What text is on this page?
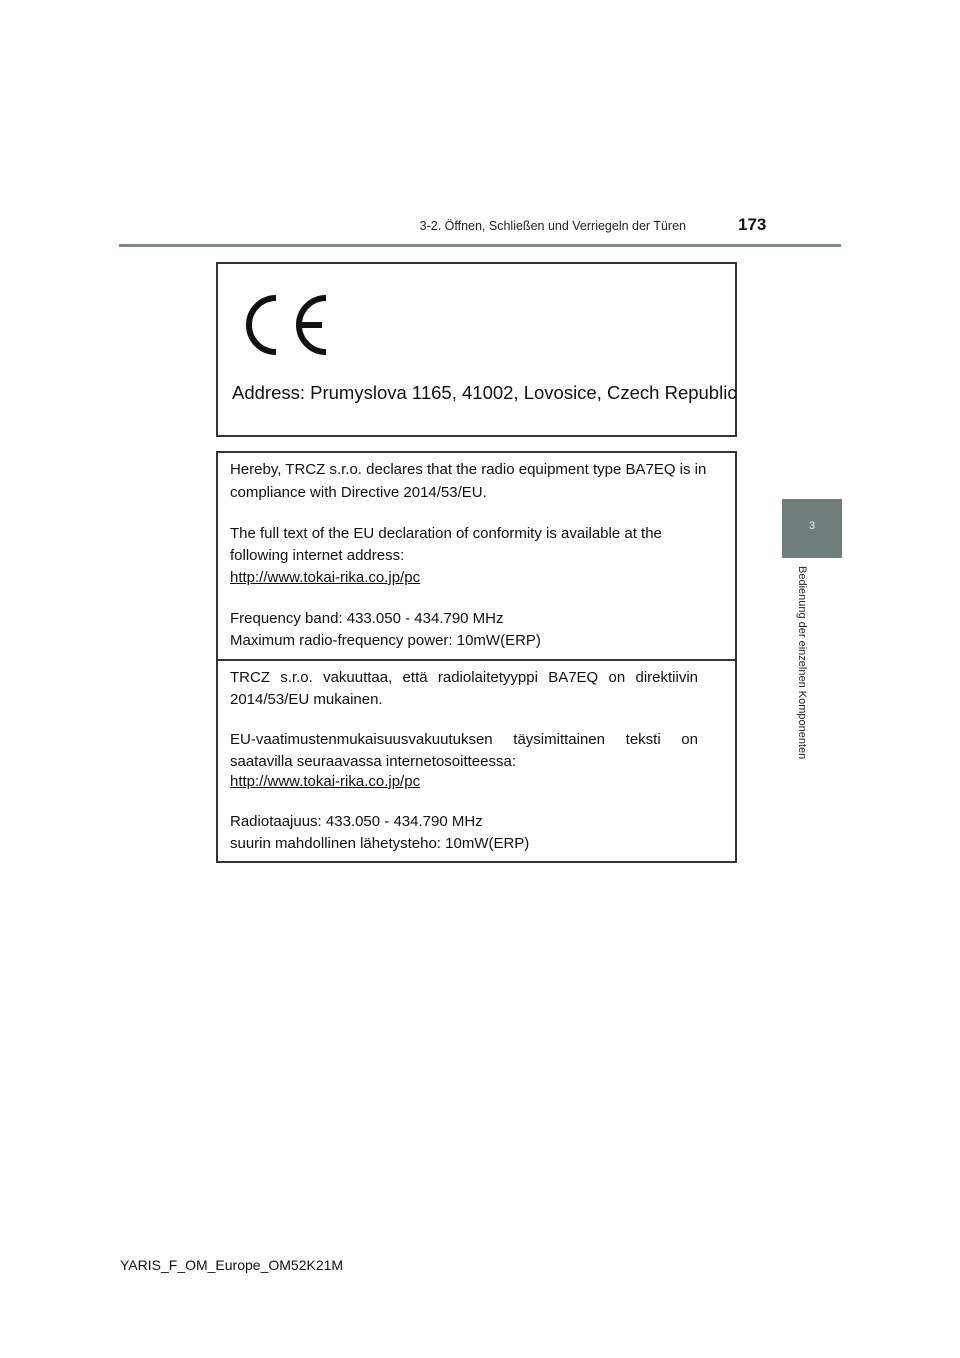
3-2. Öffnen, Schließen und Verriegeln der Türen	173
3
Bedienung der einzelnen Komponenten
Address: Prumyslova 1165, 41002, Lovosice, Czech Republic
Hereby, TRCZ s.r.o. declares that the radio equipment type BA7EQ is in
compliance with Directive 2014/53/EU.
The full text of the EU declaration of conformity is available at the
following internet address:
http://www.tokai-rika.co.jp/pc
Frequency band: 433.050 - 434.790 MHz
Maximum radio-frequency power: 10mW(ERP)
TRCZ s.r.o. vakuuttaa, että radiolaitetyyppi BA7EQ on direktiivin
2014/53/EU mukainen.
EU-vaatimustenmukaisuusvakuutuksen täysimittainen teksti on
saatavilla seuraavassa internetosoitteessa:
http://www.tokai-rika.co.jp/pc
Radiotaajuus: 433.050 - 434.790 MHz
suurin mahdollinen lähetysteho: 10mW(ERP)
YARIS_F_OM_Europe_OM52K21M
